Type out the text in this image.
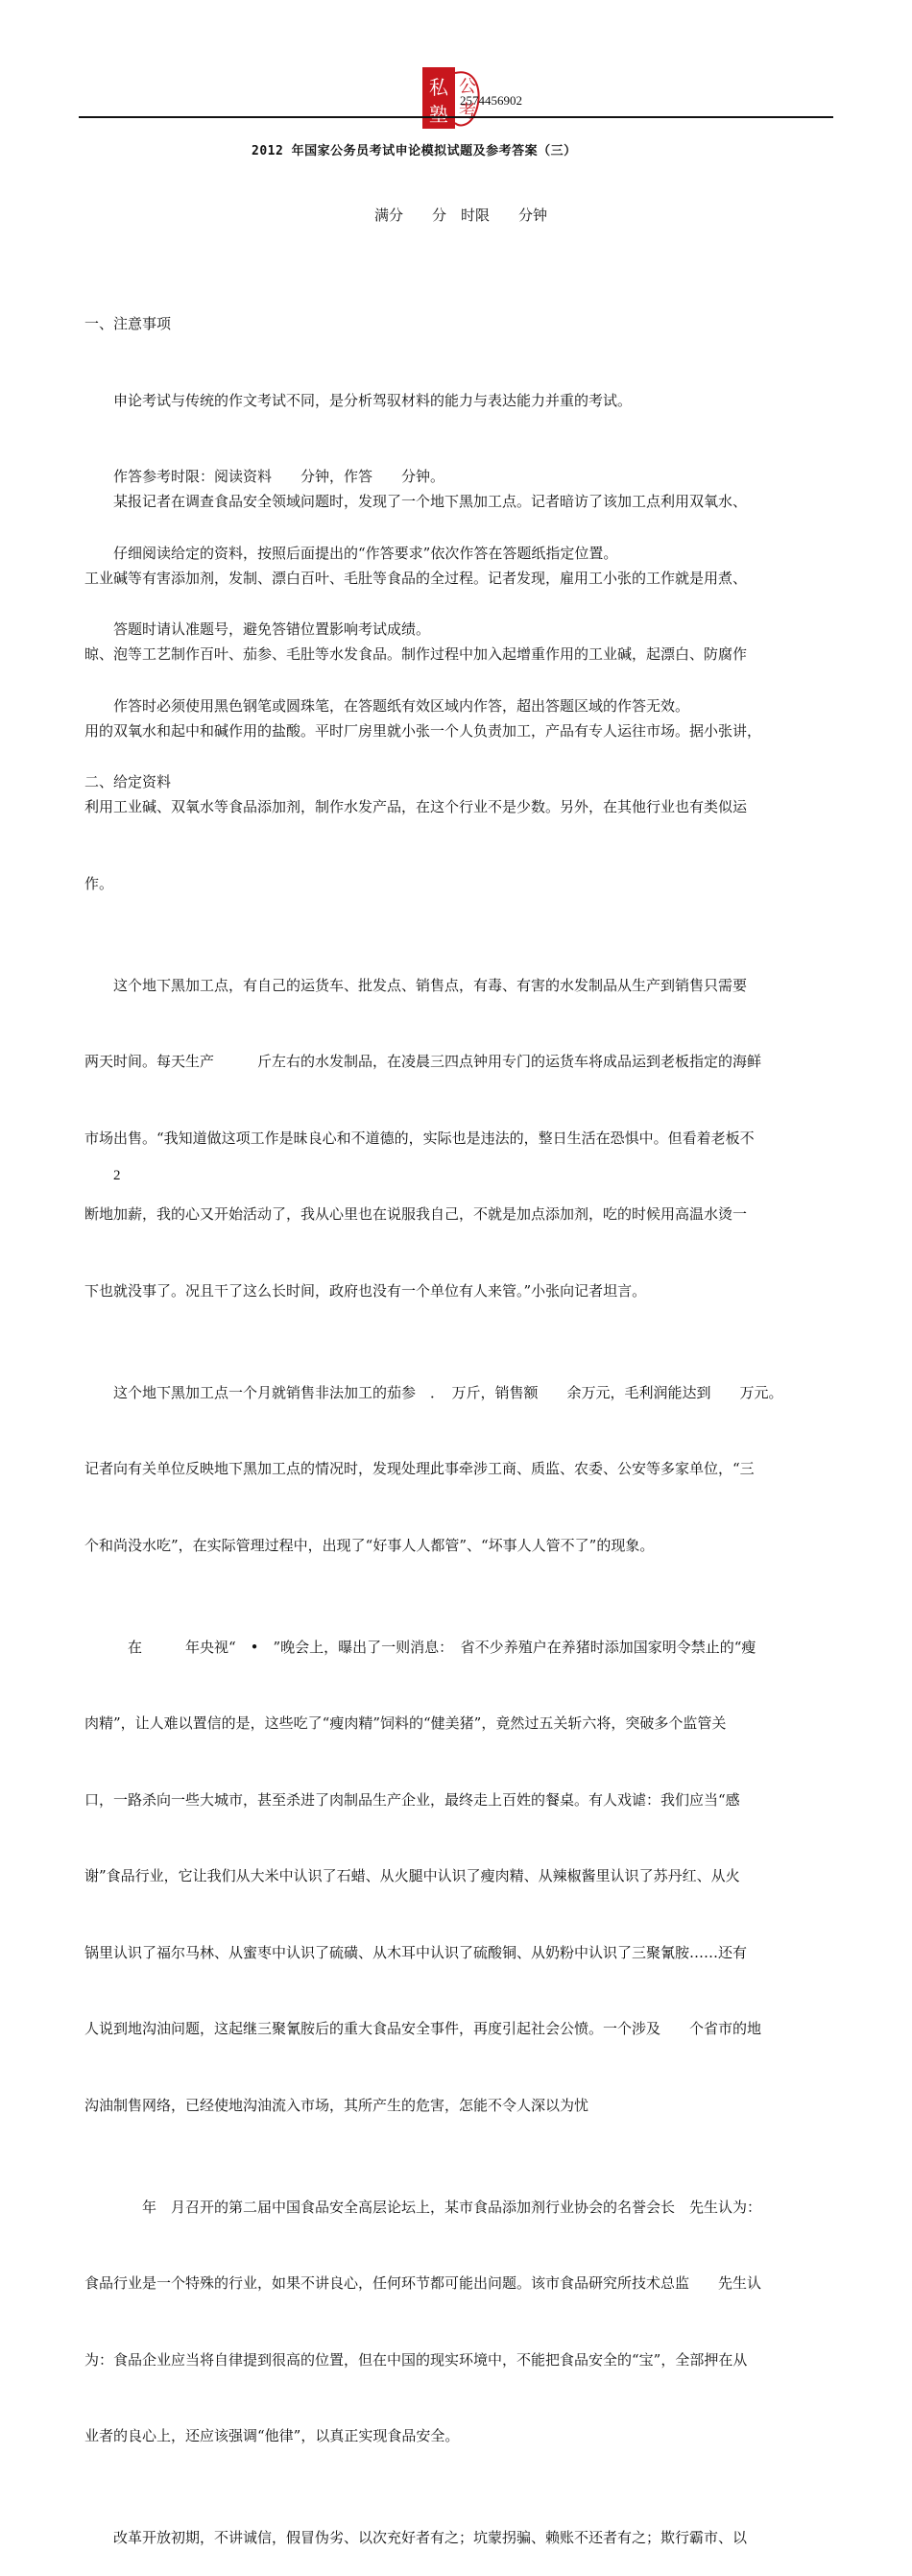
私
塾
公
考
2574456902
2012 年国家公务员考试申论模拟试题及参考答案（三）
满分　　分　时限　　分钟

一、注意事项

　　申论考试与传统的作文考试不同，是分析驾驭材料的能力与表达能力并重的考试。

　　作答参考时限：阅读资料　　分钟，作答　　分钟。

　　仔细阅读给定的资料，按照后面提出的“作答要求”依次作答在答题纸指定位置。

　　答题时请认准题号，避免答错位置影响考试成绩。

　　作答时必须使用黑色钢笔或圆珠笔，在答题纸有效区域内作答，超出答题区域的作答无效。

二、给定资料

　　某报记者在调查食品安全领域问题时，发现了一个地下黑加工点。记者暗访了该加工点利用双氧水、

工业碱等有害添加剂，发制、漂白百叶、毛肚等食品的全过程。记者发现，雇用工小张的工作就是用煮、

晾、泡等工艺制作百叶、茄参、毛肚等水发食品。制作过程中加入起增重作用的工业碱，起漂白、防腐作

用的双氧水和起中和碱作用的盐酸。平时厂房里就小张一个人负责加工，产品有专人运往市场。据小张讲，

利用工业碱、双氧水等食品添加剂，制作水发产品，在这个行业不是少数。另外，在其他行业也有类似运

作。

　　这个地下黑加工点，有自己的运货车、批发点、销售点，有毒、有害的水发制品从生产到销售只需要

两天时间。每天生产　　　斤左右的水发制品，在凌晨三四点钟用专门的运货车将成品运到老板指定的海鲜

市场出售。“我知道做这项工作是昧良心和不道德的，实际也是违法的，整日生活在恐惧中。但看着老板不

断地加薪，我的心又开始活动了，我从心里也在说服我自己，不就是加点添加剂，吃的时候用高温水烫一

下也就没事了。况且干了这么长时间，政府也没有一个单位有人来管。”小张向记者坦言。

　　这个地下黑加工点一个月就销售非法加工的茄参　．　万斤，销售额　　余万元，毛利润能达到　　万元。

记者向有关单位反映地下黑加工点的情况时，发现处理此事牵涉工商、质监、农委、公安等多家单位，“三

个和尚没水吃”，在实际管理过程中，出现了“好事人人都管”、“坏事人人管不了”的现象。

　　　在　　　年央视“　•　”晚会上，曝出了一则消息：　省不少养殖户在养猪时添加国家明令禁止的“瘦

肉精”，让人难以置信的是，这些吃了“瘦肉精”饲料的“健美猪”，竟然过五关斩六将，突破多个监管关

口，一路杀向一些大城市，甚至杀进了肉制品生产企业，最终走上百姓的餐桌。有人戏谑：我们应当“感

谢”食品行业，它让我们从大米中认识了石蜡、从火腿中认识了瘦肉精、从辣椒酱里认识了苏丹红、从火

锅里认识了福尔马林、从蜜枣中认识了硫磺、从木耳中认识了硫酸铜、从奶粉中认识了三聚氰胺……还有

人说到地沟油问题，这起继三聚氰胺后的重大食品安全事件，再度引起社会公愤。一个涉及　　个省市的地

沟油制售网络，已经使地沟油流入市场，其所产生的危害，怎能不令人深以为忧

　　　　年　月召开的第二届中国食品安全高层论坛上，某市食品添加剂行业协会的名誉会长　先生认为：

食品行业是一个特殊的行业，如果不讲良心，任何环节都可能出问题。该市食品研究所技术总监　　先生认

为：食品企业应当将自律提到很高的位置，但在中国的现实环境中，不能把食品安全的“宝”，全部押在从

业者的良心上，还应该强调“他律”，以真正实现食品安全。

　　改革开放初期，不讲诚信，假冒伪劣、以次充好者有之；坑蒙拐骗、赖账不还者有之；欺行霸市、以

2
